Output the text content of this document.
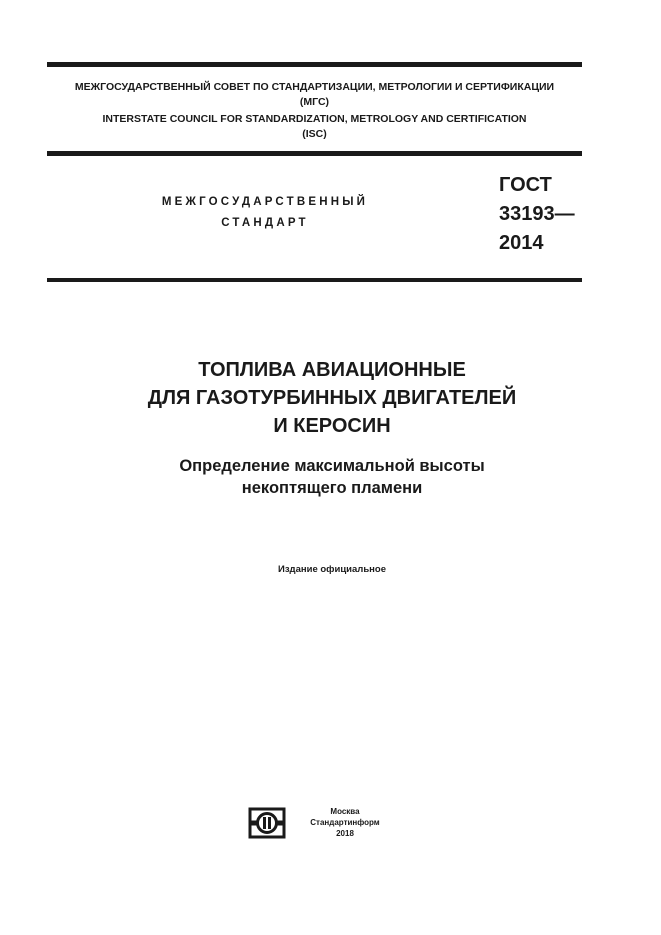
МЕЖГОСУДАРСТВЕННЫЙ СОВЕТ ПО СТАНДАРТИЗАЦИИ, МЕТРОЛОГИИ И СЕРТИФИКАЦИИ
(МГС)
INTERSTATE COUNCIL FOR STANDARDIZATION, METROLOGY AND CERTIFICATION
(ISC)
МЕЖГОСУДАРСТВЕННЫЙ
СТАНДАРТ
ГОСТ
33193—
2014
ТОПЛИВА АВИАЦИОННЫЕ
ДЛЯ ГАЗОТУРБИННЫХ ДВИГАТЕЛЕЙ
И КЕРОСИН
Определение максимальной высоты
некоптящего пламени
Издание официальное
Москва
Стандартинформ
2018
